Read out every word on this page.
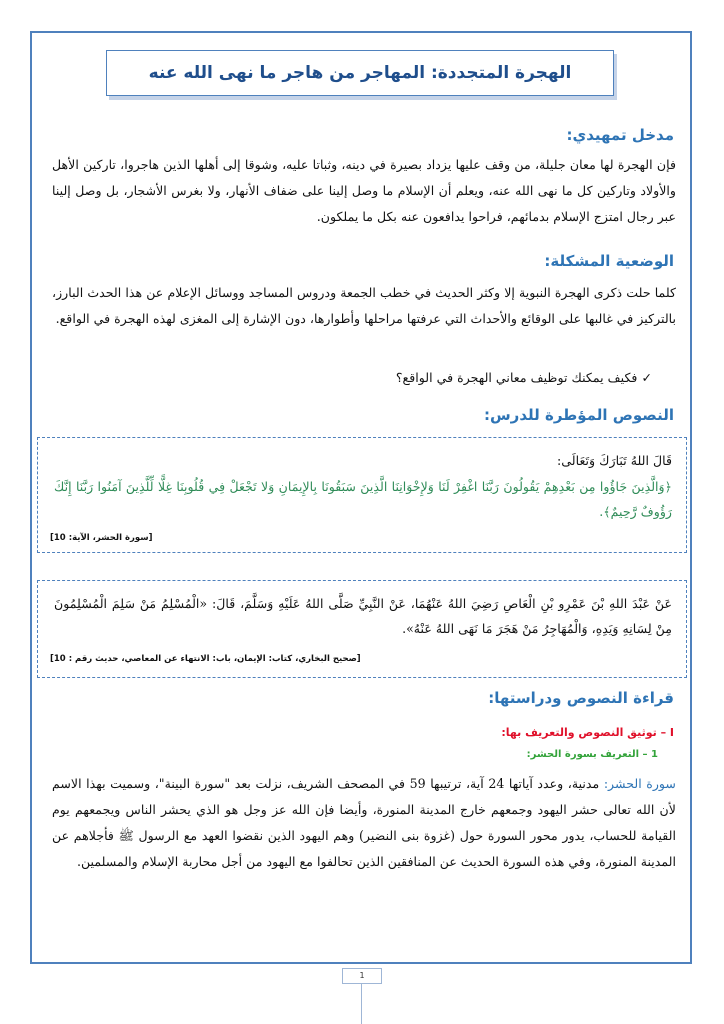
الهجرة المتجددة: المهاجر من هاجر ما نهى الله عنه
مدخل تمهيدي:
فإن الهجرة لها معان جليلة، من وقف عليها يزداد بصيرة في دينه، وثباتا عليه، وشوقا إلى أهلها الذين هاجروا، تاركين الأهل والأولاد وتاركين كل ما نهى الله عنه، ويعلم أن الإسلام ما وصل إلينا على ضفاف الأنهار، ولا بغرس الأشجار، بل وصل إلينا عبر رجال امتزج الإسلام بدمائهم، فراحوا يدافعون عنه بكل ما يملكون.
الوضعية المشكلة:
كلما حلت ذكرى الهجرة النبوية إلا وكثر الحديث في خطب الجمعة ودروس المساجد ووسائل الإعلام عن هذا الحدث البارز، بالتركيز في غالبها على الوقائع والأحداث التي عرفتها مراحلها وأطوارها، دون الإشارة إلى المغزى لهذه الهجرة في الواقع.
✓ فكيف يمكنك توظيف معاني الهجرة في الواقع؟
النصوص المؤطرة للدرس:
قَالَ اللهُ تَبَارَكَ وَتَعَالَى:
﴿وَالَّذِينَ جَاؤُوا مِن بَعْدِهِمْ يَقُولُونَ رَبَّنَا اغْفِرْ لَنَا وَلإِخْوَانِنَا الَّذِينَ سَبَقُونَا بِالإِيمَانِ وَلا تَجْعَلْ فِي قُلُوبِنَا غِلًّا لِّلَّذِينَ آمَنُوا رَبَّنَا إِنَّكَ رَؤُوفٌ رَّحِيمٌ﴾.
[سورة الحشر، الآية: 10]
عَنْ عَبْدَ اللهِ بْنَ عَمْرِو بْنِ الْعَاصِ رَضِيَ اللهُ عَنْهُمَا، عَنْ النَّبِيِّ صَلَّى اللهُ عَلَيْهِ وَسَلَّمَ، قَالَ: «الْمُسْلِمُ مَنْ سَلِمَ الْمُسْلِمُونَ مِنْ لِسَانِهِ وَيَدِهِ، وَالْمُهَاجِرُ مَنْ هَجَرَ مَا نَهَى اللهُ عَنْهُ».
[صحيح البخاري، كتاب: الإيمان، باب: الانتهاء عن المعاصي، حديث رقم : 10]
قراءة النصوص ودراستها:
I – توثيق النصوص والتعريف بها:
1 – التعريف بسورة الحشر:
سورة الحشر: مدنية، وعدد آياتها 24 آية، ترتيبها 59 في المصحف الشريف، نزلت بعد "سورة البينة"، وسميت بهذا الاسم لأن الله تعالى حشر اليهود وجمعهم خارج المدينة المنورة، وأيضا فإن الله عز وجل هو الذي يحشر الناس ويجمعهم يوم القيامة للحساب، يدور محور السورة حول (غزوة بنى النضير) وهم اليهود الذين نقضوا العهد مع الرسول ﷺ فأجلاهم عن المدينة المنورة، وفي هذه السورة الحديث عن المنافقين الذين تحالفوا مع اليهود من أجل محاربة الإسلام والمسلمين.
1
